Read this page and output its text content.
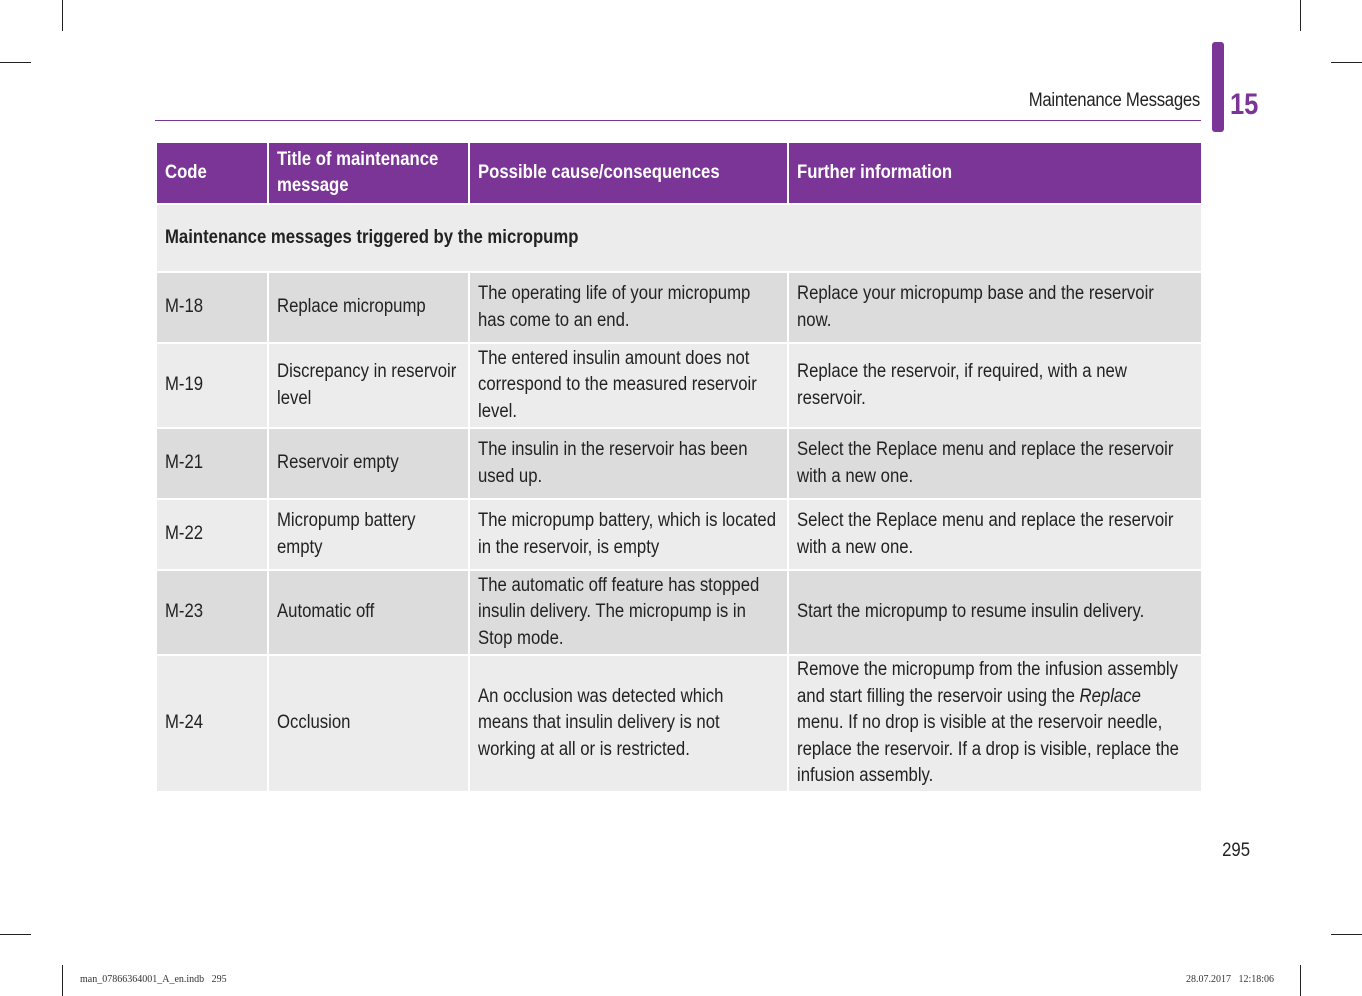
Maintenance Messages 15
Code	Title of maintenance message	Possible cause/consequences	Further information
Maintenance messages triggered by the micropump			
M-18	Replace micropump	The operating life of your micropump has come to an end.	Replace your micropump base and the reservoir now.
M-19	Discrepancy in reservoir level	The entered insulin amount does not correspond to the measured reservoir level.	Replace the reservoir, if required, with a new reservoir.
M-21	Reservoir empty	The insulin in the reservoir has been used up.	Select the Replace menu and replace the reservoir with a new one.
M-22	Micropump battery empty	The micropump battery, which is located in the reservoir, is empty	Select the Replace menu and replace the reservoir with a new one.
M-23	Automatic off	The automatic off feature has stopped insulin delivery. The micropump is in Stop mode.	Start the micropump to resume insulin delivery.
M-24	Occlusion	An occlusion was detected which means that insulin delivery is not working at all or is restricted.	Remove the micropump from the infusion assembly and start filling the reservoir using the Replace menu. If no drop is visible at the reservoir needle, replace the reservoir. If a drop is visible, replace the infusion assembly.
295
man_07866364001_A_en.indb   295	28.07.2017   12:18:06
